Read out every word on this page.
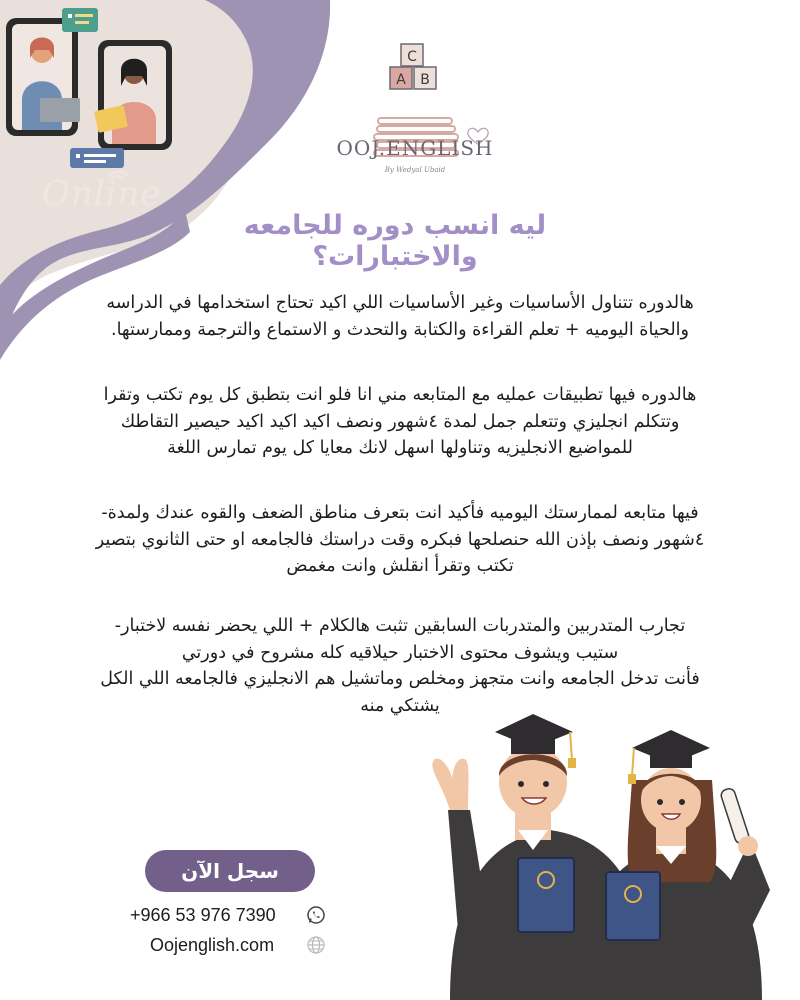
Online
C
A B
OOJ.ENGLISH
By Wedyal Ubaid
ليه انسب دوره للجامعه والاختبارات؟
هالدوره تتناول الأساسيات وغير الأساسيات اللي اكيد تحتاج استخدامها في الدراسه
والحياة اليوميه + تعلم القراءة والكتابة والتحدث و الاستماع والترجمة وممارستها.
هالدوره فيها تطبيقات عمليه مع المتابعه مني انا فلو انت بتطبق كل يوم تكتب وتقرا
وتتكلم انجليزي وتتعلم جمل لمدة ٤شهور ونصف اكيد اكيد اكيد حيصير التقاطك
للمواضيع الانجليزيه وتناولها اسهل لانك معايا كل يوم تمارس اللغة
فيها متابعه لممارستك اليوميه فأكيد انت بتعرف مناطق الضعف والقوه عندك ولمدة-
٤شهور ونصف بإذن الله حنصلحها فبكره وقت دراستك فالجامعه او حتى الثانوي بتصير
تكتب وتقرأ انقلش وانت مغمض
تجارب المتدربين والمتدربات السابقين تثبت هالكلام + اللي يحضر نفسه لاختبار-
ستيب ويشوف محتوى الاختبار حيلاقيه كله مشروح في دورتي
فأنت تدخل الجامعه وانت متجهز ومخلص وماتشيل هم الانجليزي فالجامعه اللي الكل
يشتكي منه
سجل الآن
+966 53 976 7390
Oojenglish.com
